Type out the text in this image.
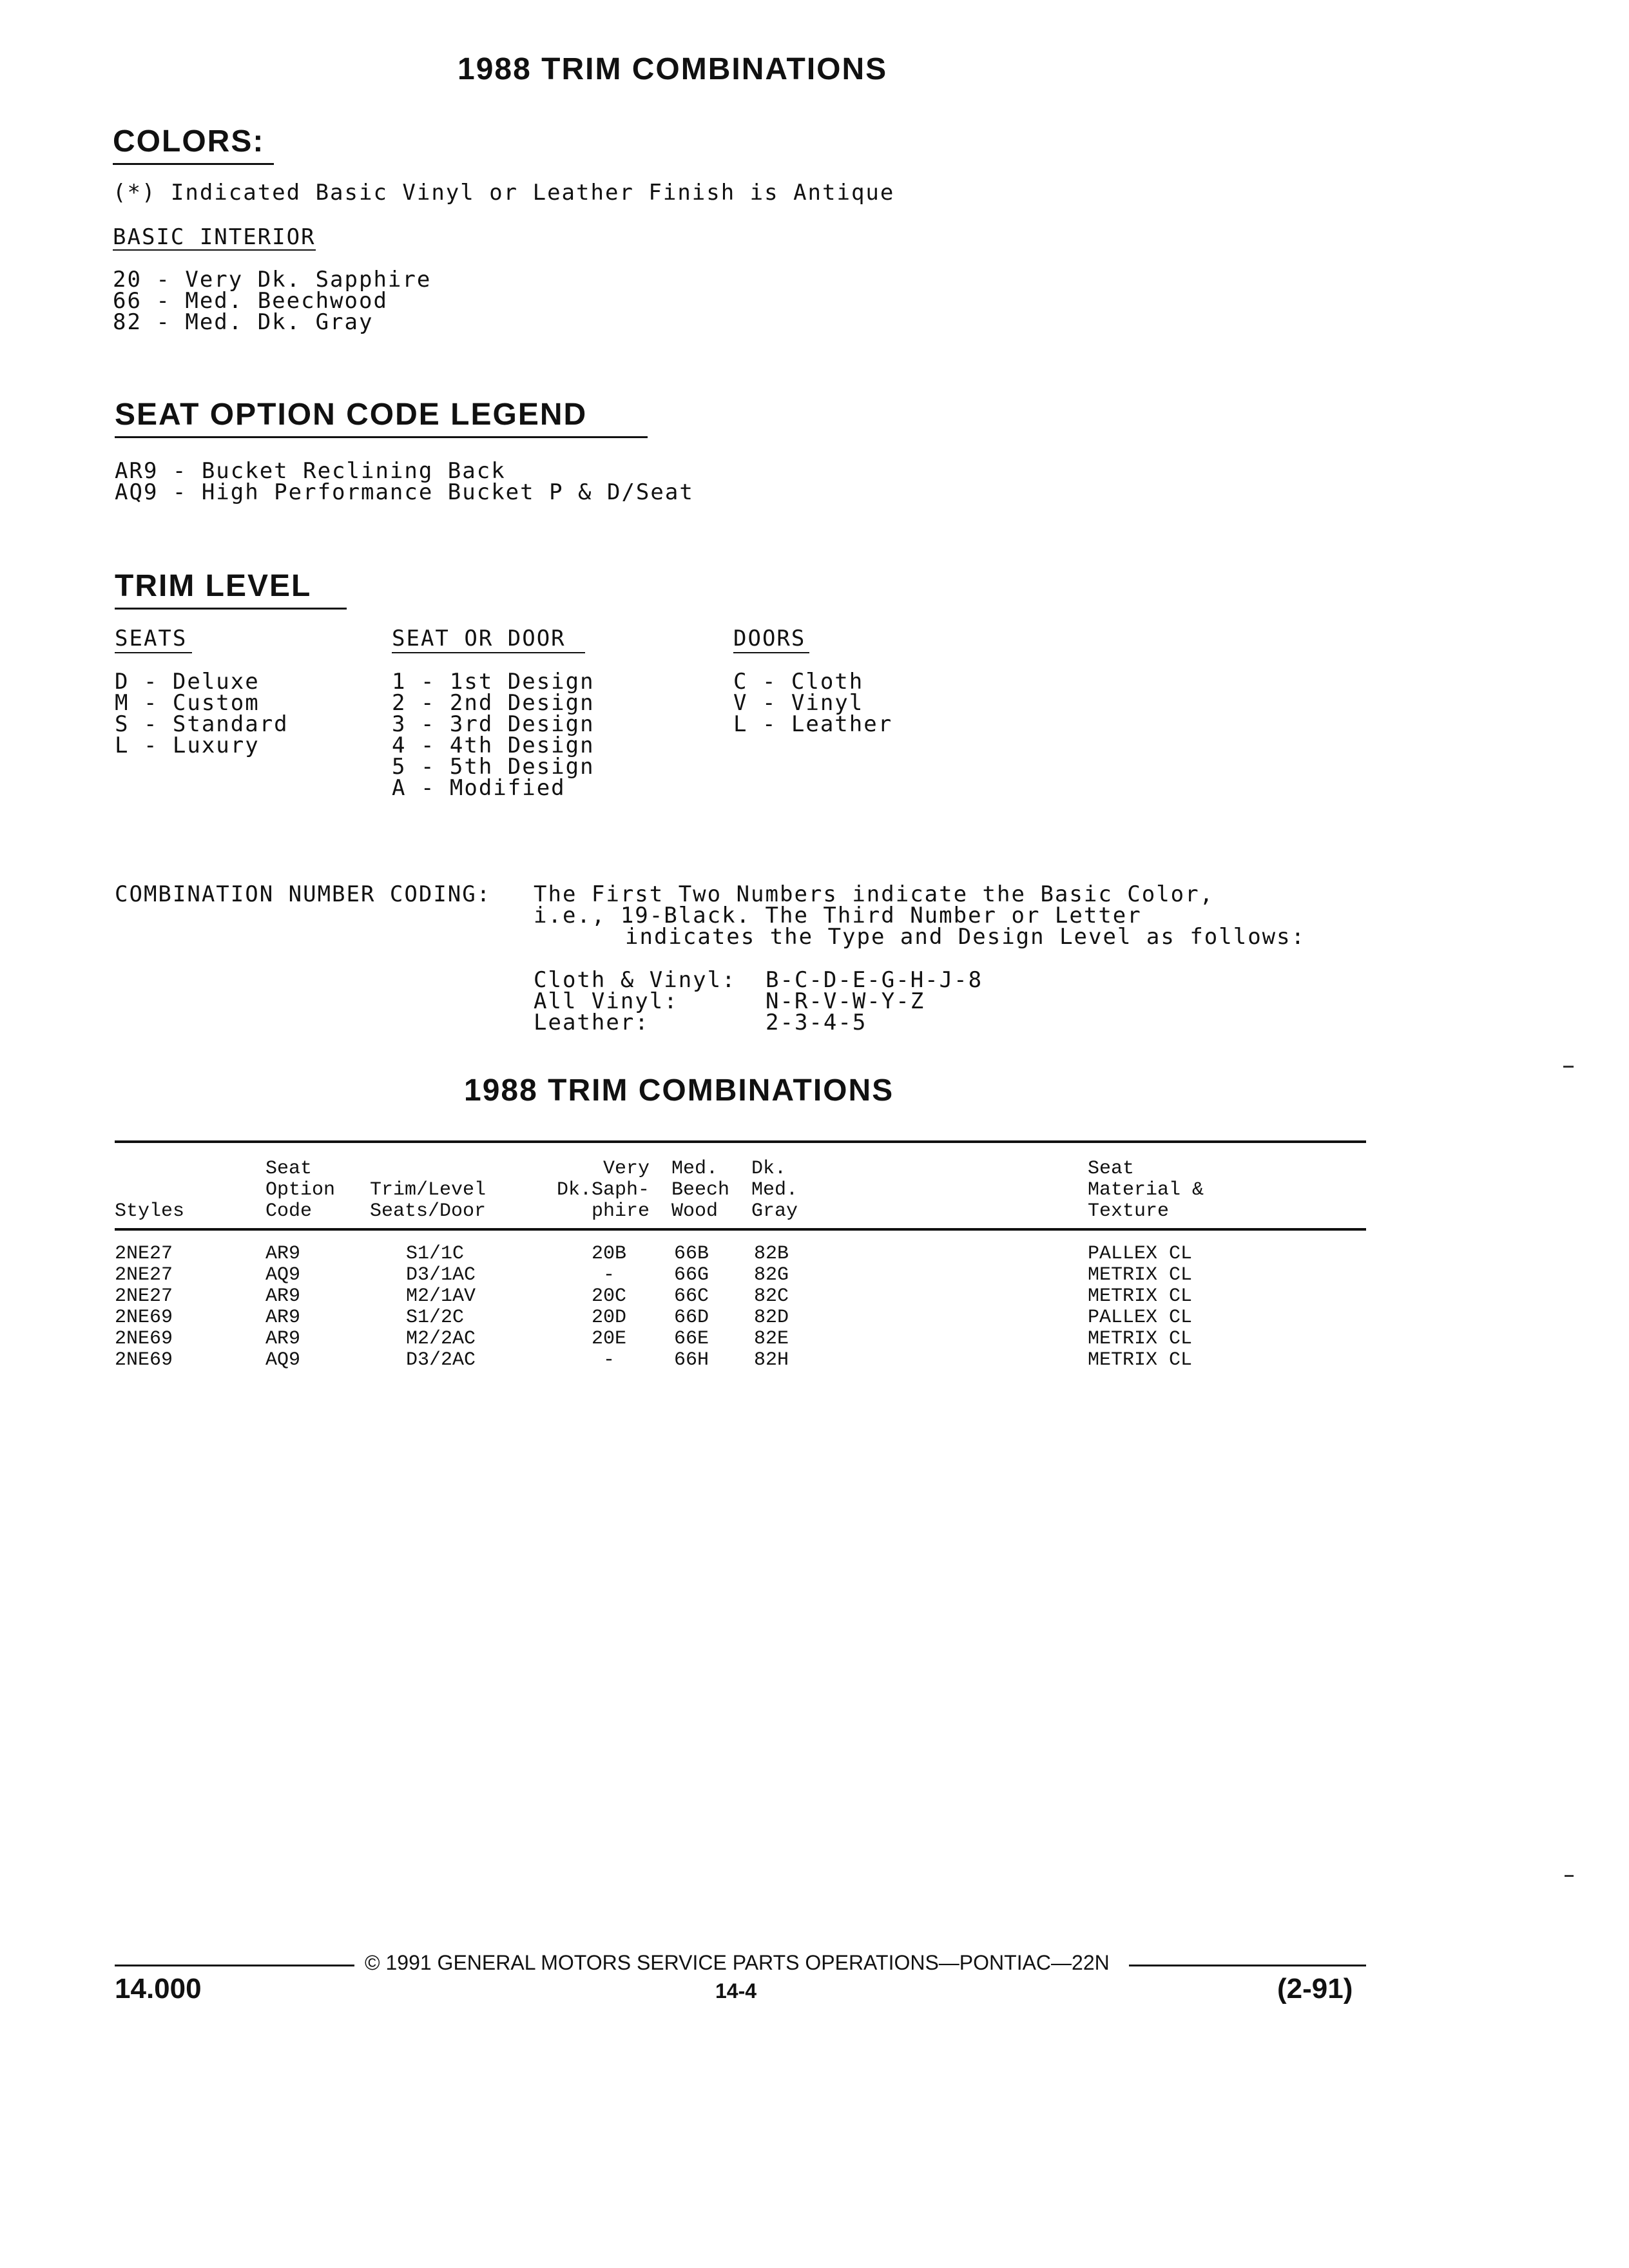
1988 TRIM COMBINATIONS
COLORS:
(*) Indicated Basic Vinyl or Leather Finish is Antique
BASIC INTERIOR
20 - Very Dk. Sapphire
66 - Med. Beechwood
82 - Med. Dk. Gray
SEAT OPTION CODE LEGEND
AR9 - Bucket Reclining Back
AQ9 - High Performance Bucket P & D/Seat
TRIM LEVEL
SEATS
D - Deluxe
M - Custom
S - Standard
L - Luxury
SEAT OR DOOR
1 - 1st Design
2 - 2nd Design
3 - 3rd Design
4 - 4th Design
5 - 5th Design
A - Modified
DOORS
C - Cloth
V - Vinyl
L - Leather
COMBINATION NUMBER CODING: The First Two Numbers indicate the Basic Color,
i.e., 19-Black. The Third Number or Letter
indicates the Type and Design Level as follows:
Cloth & Vinyl:
All Vinyl:
Leather:
B-C-D-E-G-H-J-8
N-R-V-W-Y-Z
2-3-4-5
1988 TRIM COMBINATIONS
Styles
Seat
Option
Code
Trim/Level
Seats/Door
Very
Dk.Saph-
phire
Med.
Beech
Wood
Dk.
Med.
Gray
Seat
Material &
Texture
2NE27
2NE27
2NE27
2NE69
2NE69
2NE69
AR9
AQ9
AR9
AR9
AR9
AQ9
S1/1C
D3/1AC
M2/1AV
S1/2C
M2/2AC
D3/2AC
20B
-
20C
20D
20E
-
66B
66G
66C
66D
66E
66H
82B
82G
82C
82D
82E
82H
PALLEX CL
METRIX CL
METRIX CL
PALLEX CL
METRIX CL
METRIX CL
© 1991 GENERAL MOTORS SERVICE PARTS OPERATIONS—PONTIAC—22N
14.000	14-4	(2-91)
